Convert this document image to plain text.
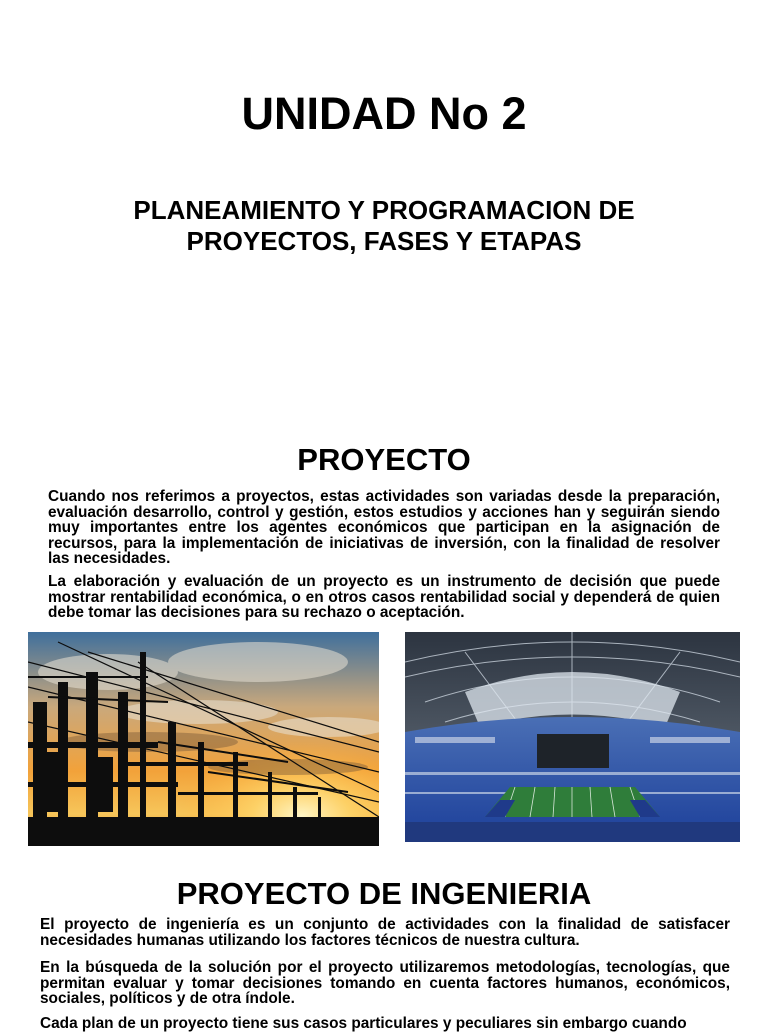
UNIDAD No 2
PLANEAMIENTO Y PROGRAMACION DE PROYECTOS, FASES Y ETAPAS
PROYECTO

Cuando nos referimos a proyectos, estas actividades son variadas desde la preparación, evaluación desarrollo, control y gestión, estos estudios y acciones han y seguirán siendo muy importantes entre los agentes económicos que participan en la asignación de recursos, para la implementación de iniciativas de inversión, con la finalidad de resolver las necesidades.

La elaboración y evaluación de un proyecto es un instrumento de decisión que puede mostrar rentabilidad económica, o en otros casos rentabilidad social y dependerá de quien debe tomar las decisiones para su rechazo o aceptación.

PROYECTO DE INGENIERIA

El proyecto de ingeniería es un conjunto de actividades con la finalidad de satisfacer necesidades humanas utilizando los factores técnicos de nuestra cultura.

En la búsqueda de la solución por el proyecto utilizaremos metodologías, tecnologías, que permitan evaluar y tomar decisiones tomando en cuenta factores humanos, económicos, sociales, políticos y de otra índole.

Cada plan de un proyecto tiene sus casos particulares y peculiares sin embargo cuando
